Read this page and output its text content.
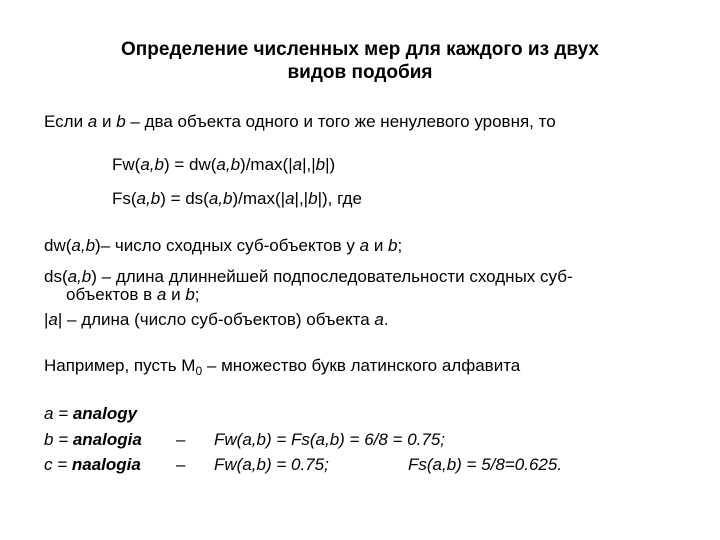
Определение численных мер для каждого из двух
видов подобия
Если a и b – два объекта одного и того же ненулевого уровня, то
Fw(a,b) = dw(a,b)/max(|a|,|b|)
Fs(a,b) = ds(a,b)/max(|a|,|b|), где
dw(a,b)– число сходных суб-объектов у a и b;
ds(a,b) – длина длиннейшей подпоследовательности сходных суб-
объектов в a и b;
|a| – длина (число суб-объектов) объекта a.
Например, пусть $M_0$ – множество букв латинского алфавита
a = analogy
b = analogia – Fw(a,b) = Fs(a,b) = 6/8 = 0.75;
c = naalogia – Fw(a,b) = 0.75;	Fs(a,b) = 5/8=0.625.
